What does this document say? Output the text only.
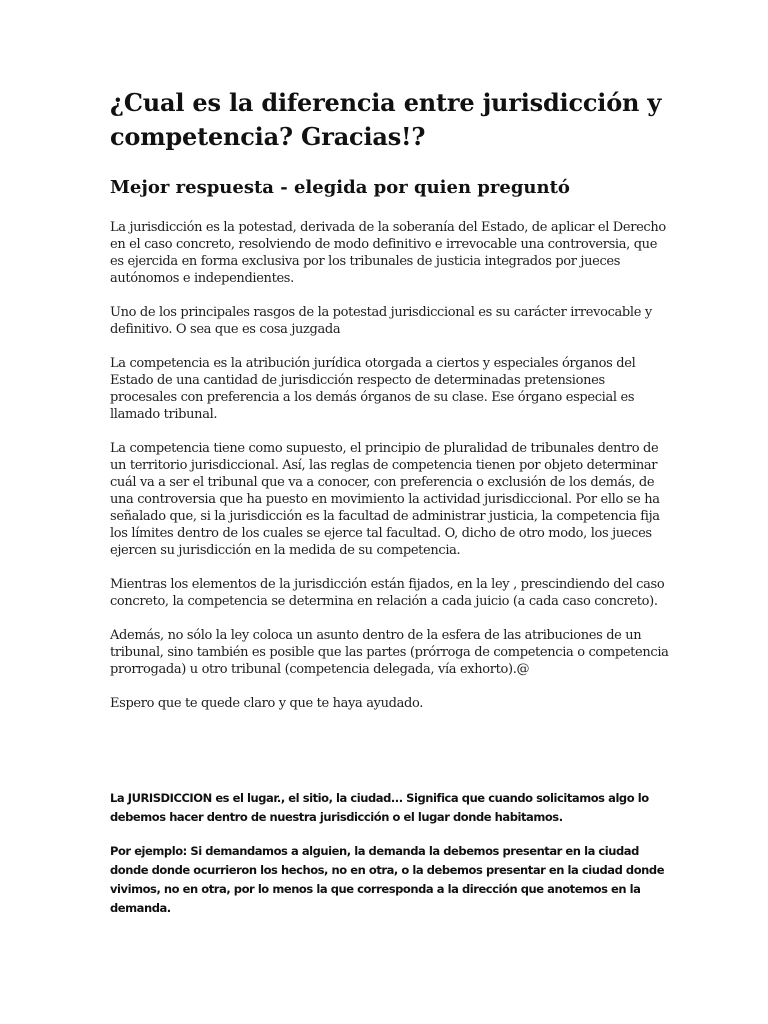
¿Cual es la diferencia entre jurisdicción y competencia? Gracias!?
Mejor respuesta - elegida por quien preguntó

La jurisdicción es la potestad, derivada de la soberanía del Estado, de aplicar el Derecho en el caso concreto, resolviendo de modo definitivo e irrevocable una controversia, que es ejercida en forma exclusiva por los tribunales de justicia integrados por jueces autónomos e independientes.

Uno de los principales rasgos de la potestad jurisdiccional es su carácter irrevocable y definitivo. O sea que es cosa juzgada

La competencia es la atribución jurídica otorgada a ciertos y especiales órganos del Estado de una cantidad de jurisdicción respecto de determinadas pretensiones procesales con preferencia a los demás órganos de su clase. Ese órgano especial es llamado tribunal.

La competencia tiene como supuesto, el principio de pluralidad de tribunales dentro de un territorio jurisdiccional. Así, las reglas de competencia tienen por objeto determinar cuál va a ser el tribunal que va a conocer, con preferencia o exclusión de los demás, de una controversia que ha puesto en movimiento la actividad jurisdiccional. Por ello se ha señalado que, si la jurisdicción es la facultad de administrar justicia, la competencia fija los límites dentro de los cuales se ejerce tal facultad. O, dicho de otro modo, los jueces ejercen su jurisdicción en la medida de su competencia.

Mientras los elementos de la jurisdicción están fijados, en la ley , prescindiendo del caso concreto, la competencia se determina en relación a cada juicio (a cada caso concreto).

Además, no sólo la ley coloca un asunto dentro de la esfera de las atribuciones de un tribunal, sino también es posible que las partes (prórroga de competencia o competencia prorrogada) u otro tribunal (competencia delegada, vía exhorto).@

Espero que te quede claro y que te haya ayudado.

La JURISDICCION es el lugar., el sitio, la ciudad... Significa que cuando solicitamos algo lo debemos hacer dentro de nuestra jurisdicción o el lugar donde habitamos.

Por ejemplo: Si demandamos a alguien, la demanda la debemos presentar en la ciudad donde donde ocurrieron los hechos, no en otra, o la debemos presentar en la ciudad donde vivimos, no en otra, por lo menos la que corresponda a la dirección que anotemos en la demanda.
